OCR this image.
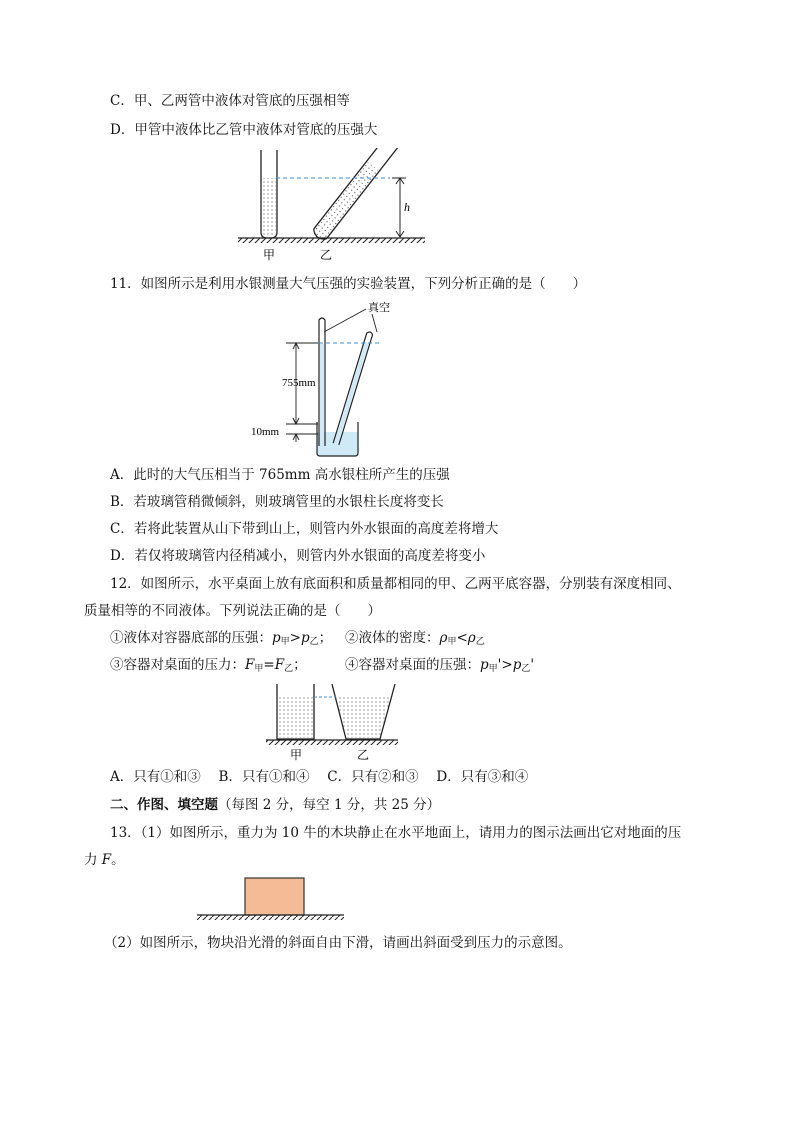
C．甲、乙两管中液体对管底的压强相等
D．甲管中液体比乙管中液体对管底的压强大
h
甲	乙
11．如图所示是利用水银测量大气压强的实验装置，下列分析正确的是（　　）
真空
755mm
10mm
A．此时的大气压相当于 765mm 高水银柱所产生的压强
B．若玻璃管稍微倾斜，则玻璃管里的水银柱长度将变长
C．若将此装置从山下带到山上，则管内外水银面的高度差将增大
D．若仅将玻璃管内径稍减小，则管内外水银面的高度差将变小
12．如图所示，水平桌面上放有底面积和质量都相同的甲、乙两平底容器，分别装有深度相同、
质量相等的不同液体。下列说法正确的是（　　）
①液体对容器底部的压强：$p_甲>p_乙$； ②液体的密度：$\rho_甲<\rho_乙$
③容器对桌面的压力：$F_甲=F_乙$；	④容器对桌面的压强：$p_甲'>p_乙'$
甲	乙
A．只有①和③　 B．只有①和④　 C．只有②和③　 D．只有③和④
二、作图、填空题（每图 2 分，每空 1 分，共 25 分）
13．（1）如图所示，重力为 10 牛的木块静止在水平地面上，请用力的图示法画出它对地面的压
力 F。
（2）如图所示，物块沿光滑的斜面自由下滑，请画出斜面受到压力的示意图。
